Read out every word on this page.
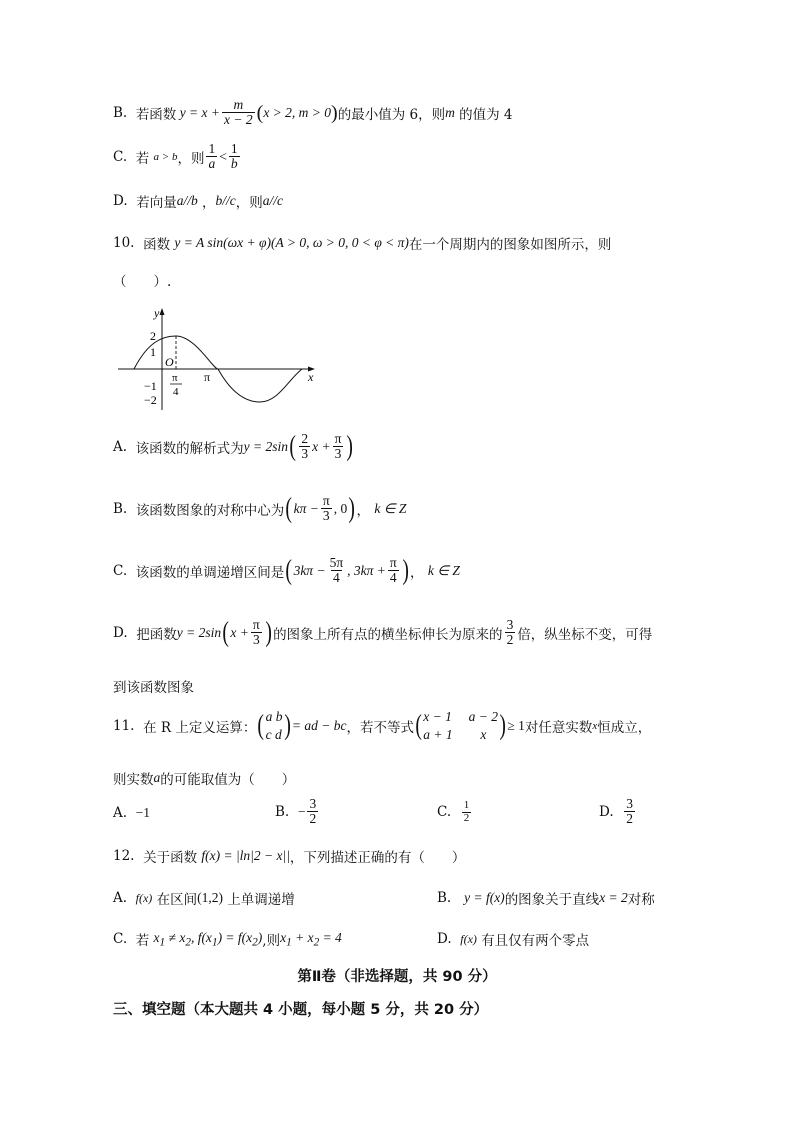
B.
若函数 $y = x + \frac{m}{x - 2}$ ( x > 2, m > 0 ) 的最小值为 6，则 m
的值为 4
C.
若
a > b ，则 $\frac{1}{a} < \frac{1}{b}$
D.
若向量 a//b ， b//c ，则 a//c
10.
函数
y = A sin(ωx + φ)(A > 0, ω > 0, 0 < φ < π) 在一个周期内的图象如图所示，则
（　　）.
y
x
O
2
1
−1
−2
π
π
4
A.
该函数的解析式为 y = 2sin ( $\frac{2}{3}$ $x + \frac{\pi}{3}$ )
B.
该函数图象的对称中心为 ( $k\pi - \frac{\pi}{3}$ , 0 ) ， k ∈ Z
C.
该函数的单调递增区间是 ( $3k\pi - \frac{5\pi}{4}$ , $3k\pi + \frac{\pi}{4}$ ) ， k ∈ Z
D.
把函数 y = 2sin ( $x + \frac{\pi}{3}$ ) 的图象上所有点的横坐标伸长为原来的 $\frac{3}{2}$ 倍，纵坐标不变，可得
到该函数图象
11.
在 R 上定义运算： ( a b
c d ) = ad − bc ，若不等式 ( x − 1 a − 2
a + 1	x ) ≥ 1 对任意实数 x 恒成立，
则实数 a 的可能取值为（　　）
A.
−1	B.
− $\frac{3}{2}$	C.
$\frac{1}{2}$	D.
$\frac{3}{2}$
12.
关于函数
f(x) = |ln|2 − x|| ，下列描述正确的有（　　）
A.
f(x)
在区间 (1,2)
上单调递增	B.
y = f(x) 的图象关于直线 x = 2 对称
C.
若
$x_1 \ne x_2$, $f(x_1) = f(x_2)$ ,则 $x_1 + x_2 = 4$	D.
f(x)
有且仅有两个零点
第Ⅱ卷（非选择题，共 90 分）
三、填空题（本大题共 4 小题，每小题 5 分，共 20 分）
